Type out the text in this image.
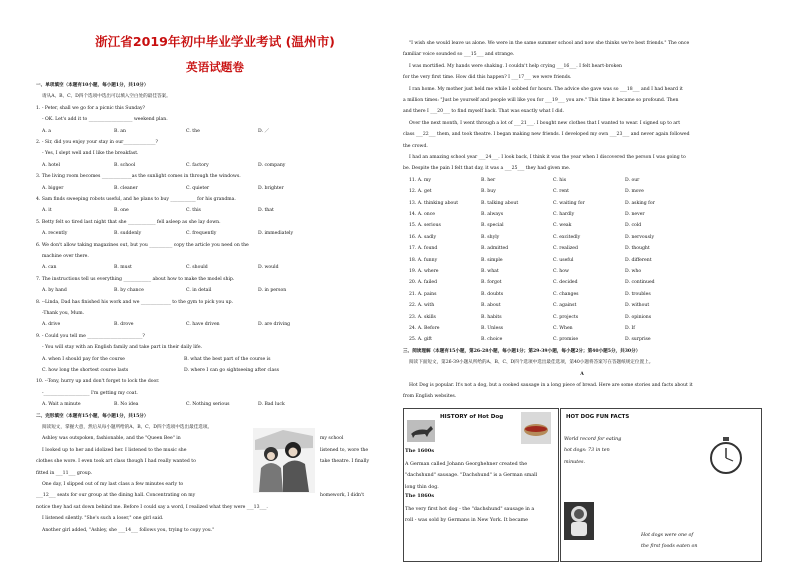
浙江省2019年初中毕业学业考试 (温州市)
英语试题卷
一、单项填空（本题有10小题，每小题1分，共10分）
请从A、B、C、D四个选项中选出可以填入空白处的最佳答案。
1. - Peter, shall we go for a picnic this Sunday?
- OK. Let's add it to ___________________ weekend plan.
A. a	B. an	C. the	D. ／
2. - Sir, did you enjoy your stay in our______________?
- Yes, I slept well and I like the breakfast.
A. hotel	B. school	C. factory	D. company
3. The living room becomes _____________as the sunlight comes in through the windows.
A. bigger	B. cleaner	C. quieter	D. brighter
4. Sam finds sweeping robots useful, and he plans to buy ___________ for his grandma.
A. it	B. one	C. this	D. that
5. Betty felt so tired last night that she ____________ fell asleep as she lay down.
A. recently	B. suddenly	C. frequently	D. immediately
6. We don't allow taking magazines out, but you __________ copy the article you need on the
machine over there.
A. can	B. must	C. should	D. would
7. The instructions tell us everything ____________ about how to make the model ship.
A. by hand	B. by chance	C. in detail	D. in person
8. --Linda, Dad has finished his work and we _____________ to the gym to pick you up.
-Thank you, Mum.
A. drive	B. drove	C. have driven	D. are driving
9. - Could you tell me ________________________?
- You will stay with an English family and take part in their daily life.
A. when I should pay for the course	B. what the best part of the course is
C. how long the shortest course lasts	D. where I can go sightseeing after class
10. --Tony, hurry up and don't forget to lock the door.
-____________________ I'm getting my coat.
A. Wait a minute	B. No idea	C. Nothing serious	D. Bad luck
二、完形填空（本题有15小题，每小题1分，共15分）
阅读短文，掌握大意，然后从每小题所给的A、B、C、D四个选项中选出最佳选项。
my school
Ashley was outspoken, fashionable, and the "Queen Bee" in
listened to, wore the
I looked up to her and idolized her. I listened to the music she
take theatre. I finally
clothes she wore. I even took art class though I had really wanted to
fitted in ___11___ group.
One day, I slipped out of my last class a few minutes early to
homework, I didn't
___12___ seats for our group at the dining hall. Concentrating on my
notice they had sat down behind me. Before I could say a word, I realized what they were ___13___.
I listened silently. "She's such a loser," one girl said.
Another girl added, "Ashley, she ___14___ follows you, trying to copy you."
"I wish she would leave us alone. We were in the same summer school and now she thinks we're best friends." The once
familiar voice sounded so ___15___ and strange.
I was mortified. My hands were shaking. I couldn't help crying ___16___. I felt heart-broken
for the very first time. How did this happen? I ___17___ we were friends.
I ran home. My mother just held me while I sobbed for hours. The advice she gave was so ___18___ and I had heard it
a million times: "Just be yourself and people will like you for ___19___ you are." This time it became so profound. Then
and there I ___20___ to find myself back. That was exactly what I did.
Over the next month, I went through a lot of ___21___. I bought new clothes that I wanted to wear. I signed up to art
class ___22___ them, and took theatre. I began making new friends. I developed my own ___23___ and never again followed
the crowd.
I had an amazing school year ___24___. I look back, I think it was the year when I discovered the person I was going to
be. Despite the pain I felt that day, it was a ___25___ they had given me.
11. A. my	B. her	C. his	D. our
12. A. get	B. buy	C. rent	D. move
13. A. thinking about	B. talking about	C. waiting for	D. asking for
14. A. once	B. always	C. hardly	D. never
15. A. serious	B. special	C. weak	D. cold
16. A. sadly	B. shyly	C. excitedly	D. nervously
17. A. found	B. admitted	C. realized	D. thought
18. A. funny	B. simple	C. useful	D. different
19. A. where	B. what	C. how	D. who
20. A. failed	B. forgot	C. decided	D. continued
21. A. pains	B. doubts	C. changes	D. troubles
22. A. with	B. about	C. against	D. without
23. A. skills	B. habits	C. projects	D. opinions
24. A. Before	B. Unless	C. When	D. If
25. A. gift	B. choice	C. promise	D. surprise
三、阅读理解（本题有15小题，第26-28小题，每小题1分；第29-39小题，每小题2分；第40小题5分，共30分）
阅读下面短文，第26-39小题从所给的A、B、C、D四个选项中选出最佳选项，第40小题将答案写在答题纸规定位置上。
A
Hot Dog is popular. It's not a dog, but a cooked sausage in a long piece of bread. Here are some stories and facts about it
from English websites.
HISTORY of Hot Dog
The 1600s
A German called Johann Georghehner created the
"dachshund" sausage. "Dachshund" is a German small
long thin dog.
The 1860s
The very first hot dog - the "dachshund" sausage in a
roll - was sold by Germans in New York. It became
HOT DOG FUN FACTS
World record for eating
hot dogs: 73 in ten
minutes.
Hot dogs were one of
the first foods eaten on
